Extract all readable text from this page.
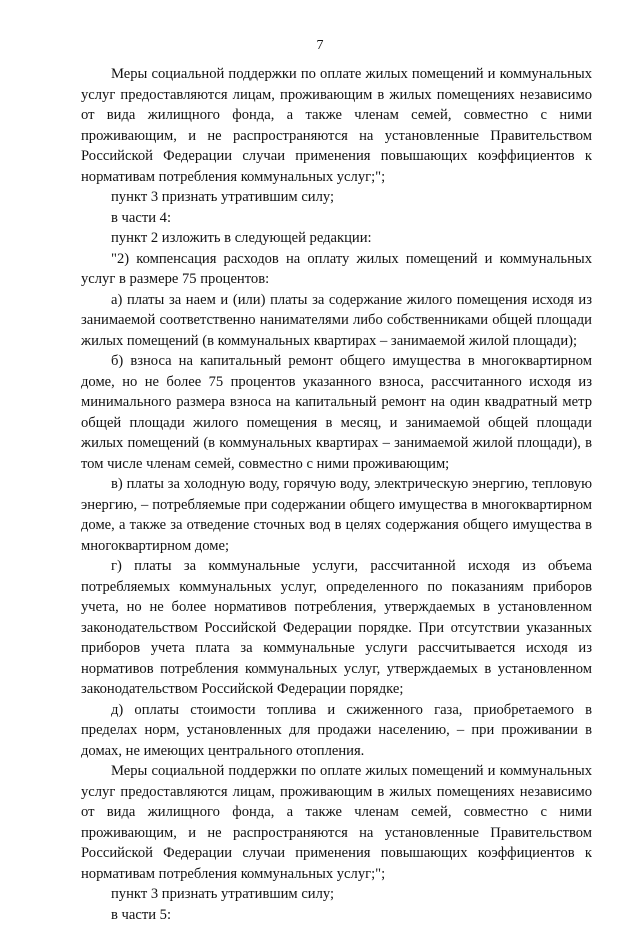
7

Меры социальной поддержки по оплате жилых помещений и коммунальных услуг предоставляются лицам, проживающим в жилых помещениях независимо от вида жилищного фонда, а также членам семей, совместно с ними проживающим, и не распространяются на установленные Правительством Российской Федерации случаи применения повышающих коэффициентов к нормативам потребления коммунальных услуг;";

пункт 3 признать утратившим силу;

в части 4:

пункт 2 изложить в следующей редакции:

"2) компенсация расходов на оплату жилых помещений и коммунальных услуг в размере 75 процентов:

а) платы за наем и (или) платы за содержание жилого помещения исходя из занимаемой соответственно нанимателями либо собственниками общей площади жилых помещений (в коммунальных квартирах – занимаемой жилой площади);

б) взноса на капитальный ремонт общего имущества в многоквартирном доме, но не более 75 процентов указанного взноса, рассчитанного исходя из минимального размера взноса на капитальный ремонт на один квадратный метр общей площади жилого помещения в месяц, и занимаемой общей площади жилых помещений (в коммунальных квартирах – занимаемой жилой площади), в том числе членам семей, совместно с ними проживающим;

в) платы за холодную воду, горячую воду, электрическую энергию, тепловую энергию, – потребляемые при содержании общего имущества в многоквартирном доме, а также за отведение сточных вод в целях содержания общего имущества в многоквартирном доме;

г) платы за коммунальные услуги, рассчитанной исходя из объема потребляемых коммунальных услуг, определенного по показаниям приборов учета, но не более нормативов потребления, утверждаемых в установленном законодательством Российской Федерации порядке. При отсутствии указанных приборов учета плата за коммунальные услуги рассчитывается исходя из нормативов потребления коммунальных услуг, утверждаемых в установленном законодательством Российской Федерации порядке;

д) оплаты стоимости топлива и сжиженного газа, приобретаемого в пределах норм, установленных для продажи населению, – при проживании в домах, не имеющих центрального отопления.

Меры социальной поддержки по оплате жилых помещений и коммунальных услуг предоставляются лицам, проживающим в жилых помещениях независимо от вида жилищного фонда, а также членам семей, совместно с ними проживающим, и не распространяются на установленные Правительством Российской Федерации случаи применения повышающих коэффициентов к нормативам потребления коммунальных услуг;";

пункт 3 признать утратившим силу;

в части 5:
